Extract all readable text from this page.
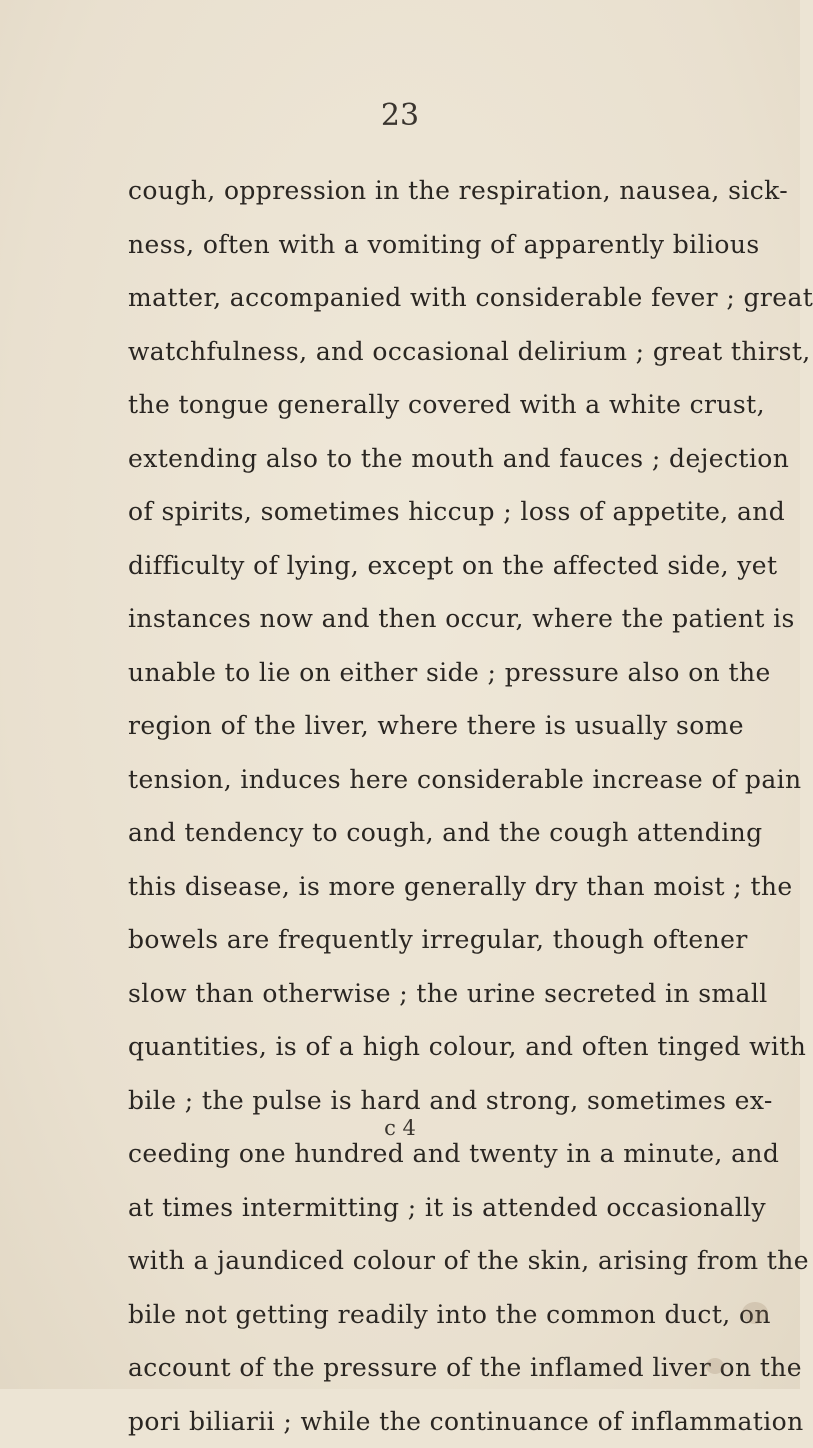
23
cough, oppression in the respiration, nausea, sick-
ness, often with a vomiting of apparently bilious
matter, accompanied with considerable fever ; great
watchfulness, and occasional delirium ; great thirst,
the tongue generally covered with a white crust,
extending also to the mouth and fauces ; dejection
of spirits, sometimes hiccup ; loss of appetite, and
difficulty of lying, except on the affected side, yet
instances now and then occur, where the patient is
unable to lie on either side ; pressure also on the
region of the liver, where there is usually some
tension, induces here considerable increase of pain
and tendency to cough, and the cough attending
this disease, is more generally dry than moist ; the
bowels are frequently irregular, though oftener
slow than otherwise ; the urine secreted in small
quantities, is of a high colour, and often tinged with
bile ; the pulse is hard and strong, sometimes ex-
ceeding one hundred and twenty in a minute, and
at times intermitting ; it is attended occasionally
with a jaundiced colour of the skin, arising from the
bile not getting readily into the common duct, on
account of the pressure of the inflamed liver on the
pori biliarii ; while the continuance of inflammation
c 4
